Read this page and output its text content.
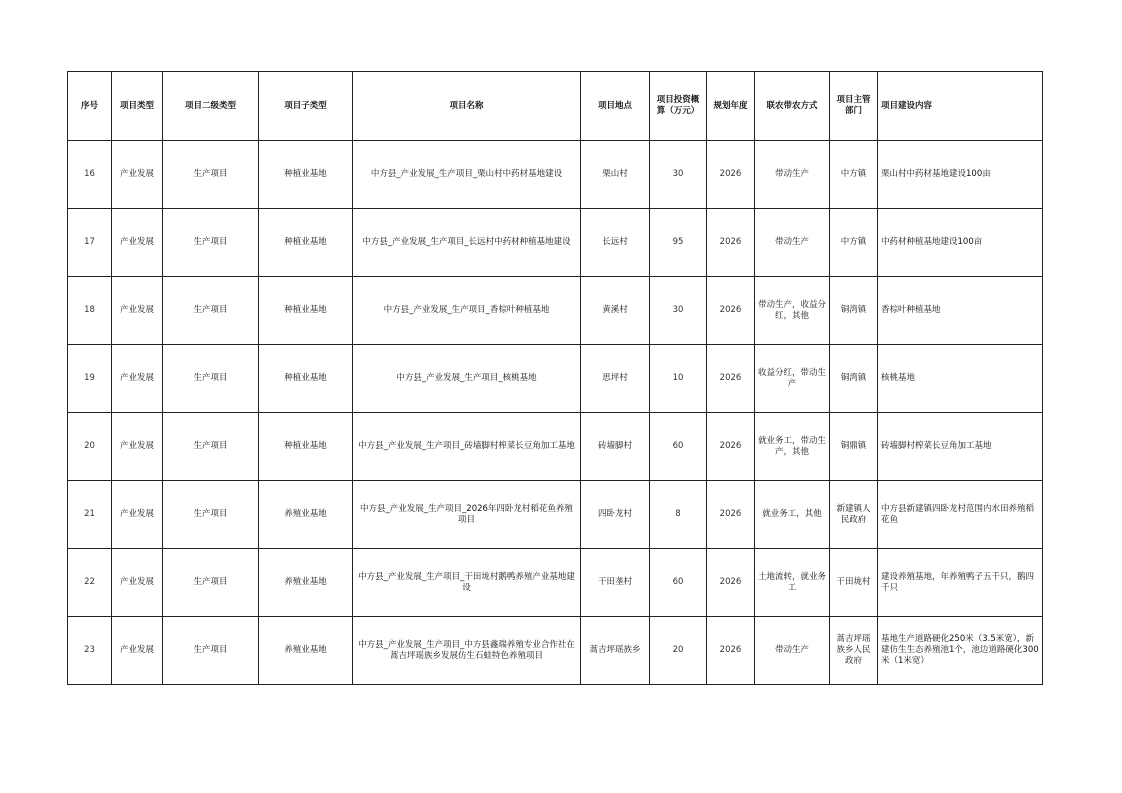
序号	项目类型	项目二级类型	项目子类型	项目名称	项目地点	项目投资概算（万元）	规划年度	联农带农方式	项目主管部门	项目建设内容
16	产业发展	生产项目	种植业基地	中方县_产业发展_生产项目_栗山村中药材基地建设	栗山村	30	2026	带动生产	中方镇	栗山村中药材基地建设100亩
17	产业发展	生产项目	种植业基地	中方县_产业发展_生产项目_长远村中药材种植基地建设	长远村	95	2026	带动生产	中方镇	中药材种植基地建设100亩
18	产业发展	生产项目	种植业基地	中方县_产业发展_生产项目_香棕叶种植基地	黄溪村	30	2026	带动生产，收益分红，其他	铜湾镇	香棕叶种植基地
19	产业发展	生产项目	种植业基地	中方县_产业发展_生产项目_核桃基地	思坪村	10	2026	收益分红，带动生产	铜湾镇	核桃基地
20	产业发展	生产项目	种植业基地	中方县_产业发展_生产项目_砖墙脚村榨菜长豆角加工基地	砖墙脚村	60	2026	就业务工，带动生产，其他	铜鼎镇	砖墙脚村榨菜长豆角加工基地
21	产业发展	生产项目	养殖业基地	中方县_产业发展_生产项目_2026年四卧龙村稻花鱼养殖项目	四卧龙村	8	2026	就业务工，其他	新建镇人民政府	中方县新建镇四卧龙村范围内水田养殖稻花鱼
22	产业发展	生产项目	养殖业基地	中方县_产业发展_生产项目_干田垅村鹅鸭养殖产业基地建设	干田垄村	60	2026	土地流转，就业务工	干田垅村	建设养殖基地，年养殖鸭子五千只，鹅四千只
23	产业发展	生产项目	养殖业基地	中方县_产业发展_生产项目_中方县鑫瑞养殖专业合作社在蒿吉坪瑶族乡发展仿生石蛙特色养殖项目	蒿吉坪瑶族乡	20	2026	带动生产	蒿吉坪瑶族乡人民政府	基地生产道路硬化250米（3.5米宽），新建仿生生态养殖池1个，池边道路硬化300米（1米宽）
